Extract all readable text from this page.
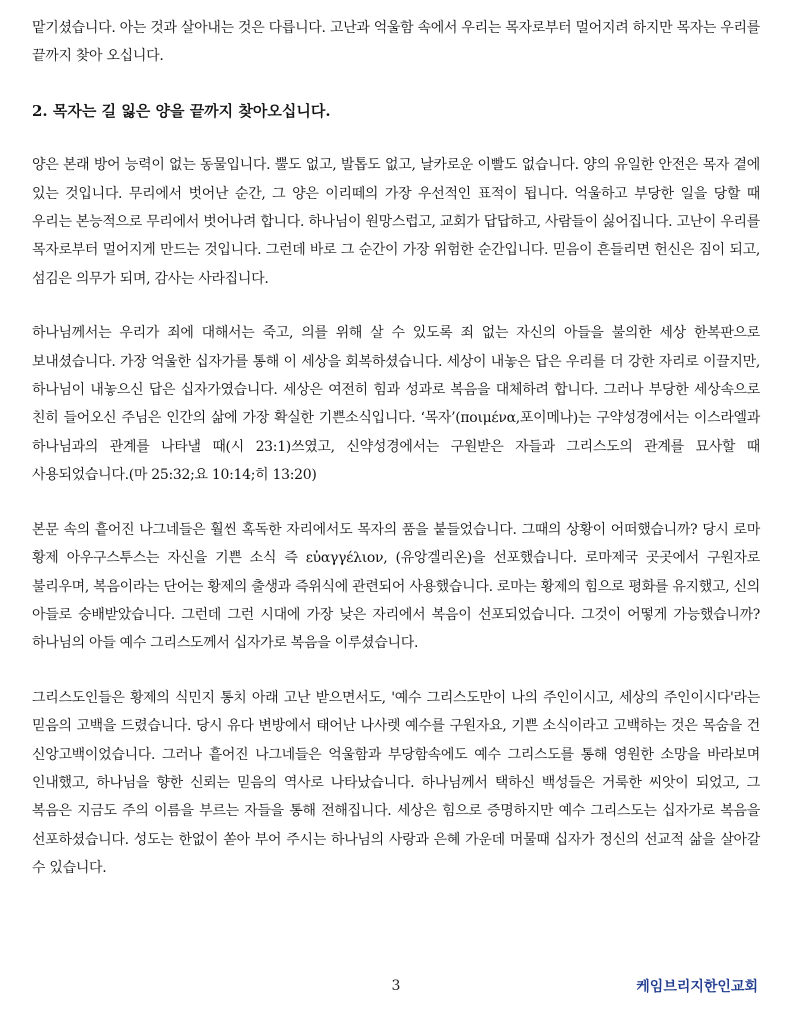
맡기셨습니다. 아는 것과 살아내는 것은 다릅니다. 고난과 억울함 속에서 우리는 목자로부터 멀어지려 하지만 목자는 우리를 끝까지 찾아 오십니다.

2. 목자는 길 잃은 양을 끝까지 찾아오십니다.

양은 본래 방어 능력이 없는 동물입니다. 뿔도 없고, 발톱도 없고, 날카로운 이빨도 없습니다. 양의 유일한 안전은 목자 곁에 있는 것입니다. 무리에서 벗어난 순간, 그 양은 이리떼의 가장 우선적인 표적이 됩니다. 억울하고 부당한 일을 당할 때 우리는 본능적으로 무리에서 벗어나려 합니다. 하나님이 원망스럽고, 교회가 답답하고, 사람들이 싫어집니다. 고난이 우리를 목자로부터 멀어지게 만드는 것입니다. 그런데 바로 그 순간이 가장 위험한 순간입니다. 믿음이 흔들리면 헌신은 짐이 되고, 섬김은 의무가 되며, 감사는 사라집니다.

하나님께서는 우리가 죄에 대해서는 죽고, 의를 위해 살 수 있도록 죄 없는 자신의 아들을 불의한 세상 한복판으로 보내셨습니다. 가장 억울한 십자가를 통해 이 세상을 회복하셨습니다. 세상이 내놓은 답은 우리를 더 강한 자리로 이끌지만, 하나님이 내놓으신 답은 십자가였습니다. 세상은 여전히 힘과 성과로 복음을 대체하려 합니다. 그러나 부당한 세상속으로 친히 들어오신 주님은 인간의 삶에 가장 확실한 기쁜소식입니다. ‘목자’(ποιμένα,포이메나)는 구약성경에서는 이스라엘과 하나님과의 관계를 나타낼 때(시 23:1)쓰였고, 신약성경에서는 구원받은 자들과 그리스도의 관계를 묘사할 때 사용되었습니다.(마 25:32;요 10:14;히 13:20)

본문 속의 흩어진 나그네들은 훨씬 혹독한 자리에서도 목자의 품을 붙들었습니다. 그때의 상황이 어떠했습니까? 당시 로마 황제 아우구스투스는 자신을 기쁜 소식 즉 εὐαγγέλιον, (유앙겔리온)을 선포했습니다. 로마제국 곳곳에서 구원자로 불리우며, 복음이라는 단어는 황제의 출생과 즉위식에 관련되어 사용했습니다. 로마는 황제의 힘으로 평화를 유지했고, 신의 아들로 숭배받았습니다. 그런데 그런 시대에 가장 낮은 자리에서 복음이 선포되었습니다. 그것이 어떻게 가능했습니까? 하나님의 아들 예수 그리스도께서 십자가로 복음을 이루셨습니다.

그리스도인들은 황제의 식민지 통치 아래 고난 받으면서도, '예수 그리스도만이 나의 주인이시고, 세상의 주인이시다'라는 믿음의 고백을 드렸습니다. 당시 유다 변방에서 태어난 나사렛 예수를 구원자요, 기쁜 소식이라고 고백하는 것은 목숨을 건 신앙고백이었습니다. 그러나 흩어진 나그네들은 억울함과 부당함속에도 예수 그리스도를 통해 영원한 소망을 바라보며 인내했고, 하나님을 향한 신뢰는 믿음의 역사로 나타났습니다. 하나님께서 택하신 백성들은 거룩한 씨앗이 되었고, 그 복음은 지금도 주의 이름을 부르는 자들을 통해 전해집니다. 세상은 힘으로 증명하지만 예수 그리스도는 십자가로 복음을 선포하셨습니다. 성도는 한없이 쏟아 부어 주시는 하나님의 사랑과 은혜 가운데 머물때 십자가 정신의 선교적 삶을 살아갈 수 있습니다.

3	케임브리지한인교회
